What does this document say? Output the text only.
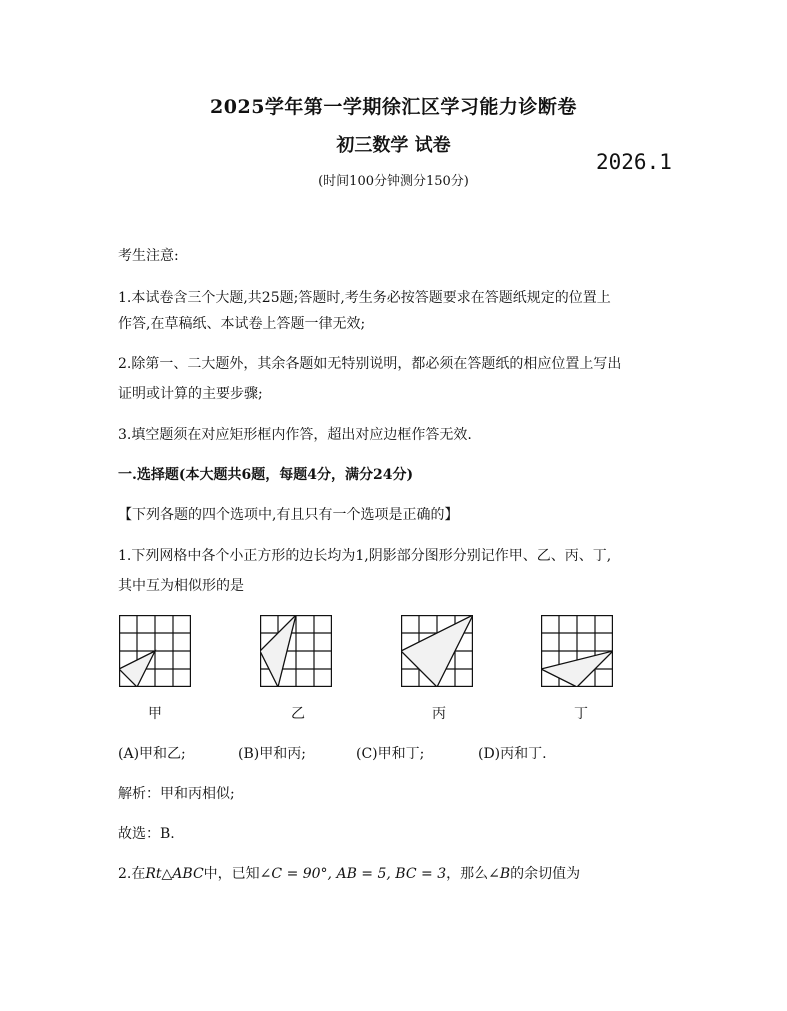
2025学年第一学期徐汇区学习能力诊断卷
初三数学 试卷
2026.1
(时间100分钟测分150分)
考生注意:
1.本试卷含三个大题,共25题;答题时,考生务必按答题要求在答题纸规定的位置上
作答,在草稿纸、本试卷上答题一律无效;
2.除第一、二大题外，其余各题如无特别说明，都必须在答题纸的相应位置上写出
证明或计算的主要步骤;
3.填空题须在对应矩形框内作答，超出对应边框作答无效.
一.选择题(本大题共6题，每题4分，满分24分)
【下列各题的四个选项中,有且只有一个选项是正确的】
1.下列网格中各个小正方形的边长均为1,阴影部分图形分别记作甲、乙、丙、丁,
其中互为相似形的是
甲	乙	丙	丁
(A)甲和乙;	(B)甲和丙;	(C)甲和丁;	(D)丙和丁.
解析：甲和丙相似;
故选：B.
2.在Rt△ABC中，已知∠C = 90°, AB = 5, BC = 3，那么∠B的余切值为
